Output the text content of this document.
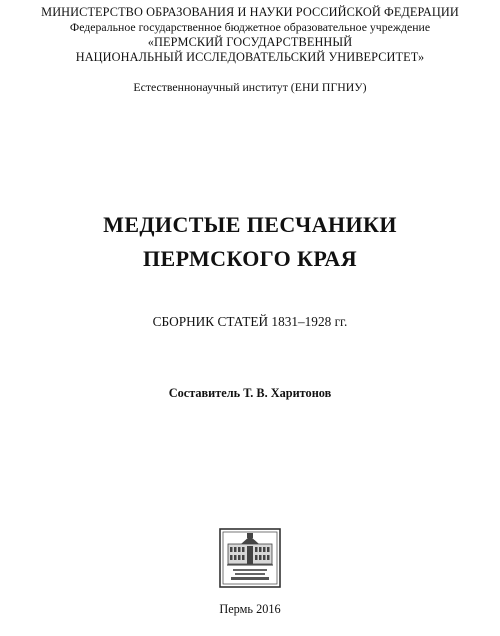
МИНИСТЕРСТВО ОБРАЗОВАНИЯ И НАУКИ РОССИЙСКОЙ ФЕДЕРАЦИИ
Федеральное государственное бюджетное образовательное учреждение
«ПЕРМСКИЙ ГОСУДАРСТВЕННЫЙ
НАЦИОНАЛЬНЫЙ ИССЛЕДОВАТЕЛЬСКИЙ УНИВЕРСИТЕТ»
Естественнонаучный институт (ЕНИ ПГНИУ)
МЕДИСТЫЕ ПЕСЧАНИКИ
ПЕРМСКОГО КРАЯ
СБОРНИК СТАТЕЙ 1831–1928 гг.
Составитель Т. В. Харитонов
Пермь 2016
